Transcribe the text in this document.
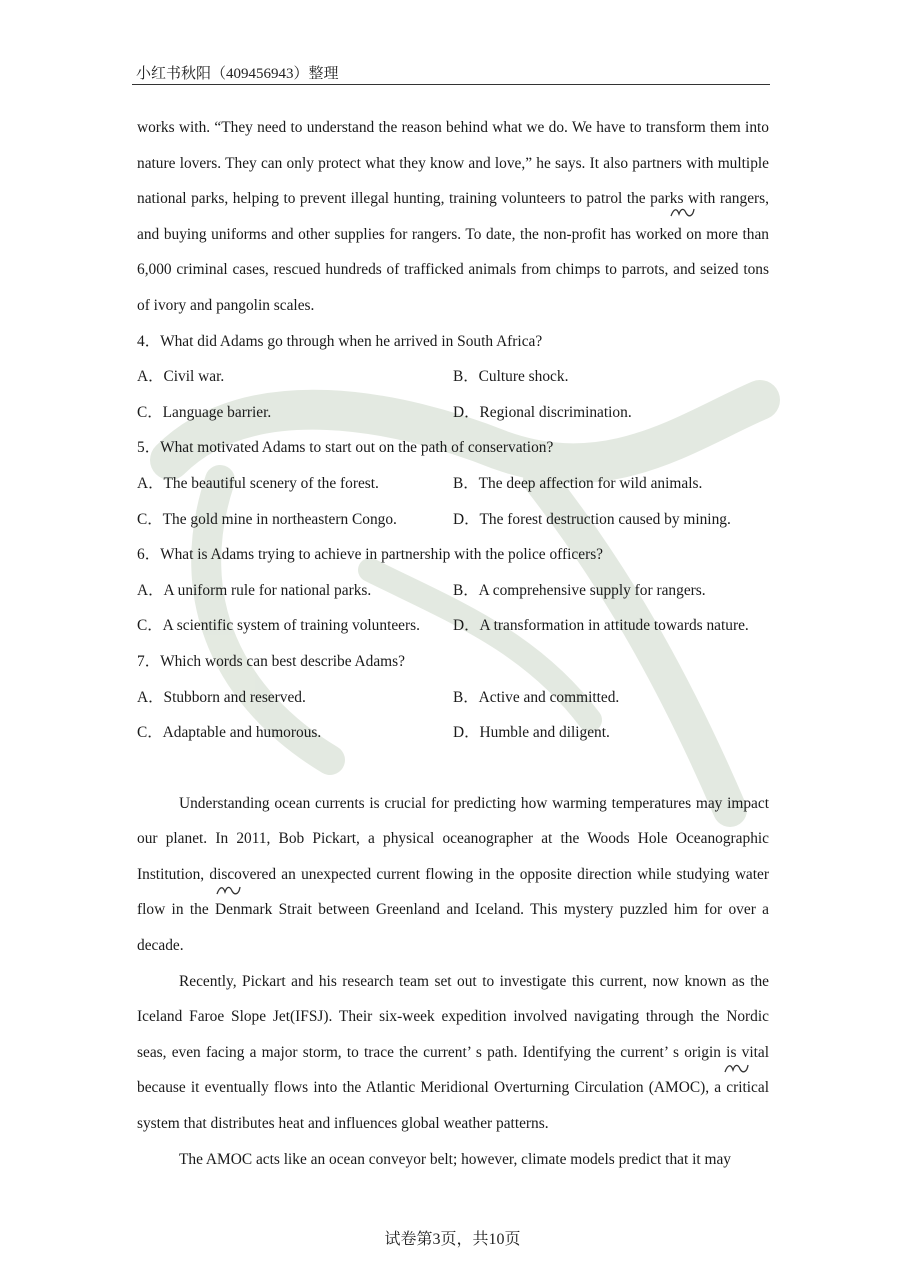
小红书秋阳（409456943）整理

works with. “They need to understand the reason behind what we do. We have to transform them into nature lovers. They can only protect what they know and love,” he says. It also partners with multiple national parks, helping to prevent illegal hunting, training volunteers to patrol the parks with rangers, and buying uniforms and other supplies for rangers. To date, the non-profit has worked on more than 6,000 criminal cases, rescued hundreds of trafficked animals from chimps to parrots, and seized tons of ivory and pangolin scales.

4．What did Adams go through when he arrived in South Africa?

A．Civil war.	B．Culture shock.
C．Language barrier.	D．Regional discrimination.

5．What motivated Adams to start out on the path of conservation?

A．The beautiful scenery of the forest.	B．The deep affection for wild animals.
C．The gold mine in northeastern Congo.	D．The forest destruction caused by mining.

6．What is Adams trying to achieve in partnership with the police officers?

A．A uniform rule for national parks.	B．A comprehensive supply for rangers.
C．A scientific system of training volunteers.	D．A transformation in attitude towards nature.

7．Which words can best describe Adams?

A．Stubborn and reserved.	B．Active and committed.
C．Adaptable and humorous.	D．Humble and diligent.

Understanding ocean currents is crucial for predicting how warming temperatures may impact our planet. In 2011, Bob Pickart, a physical oceanographer at the Woods Hole Oceanographic Institution, discovered an unexpected current flowing in the opposite direction while studying water flow in the Denmark Strait between Greenland and Iceland. This mystery puzzled him for over a decade.

Recently, Pickart and his research team set out to investigate this current, now known as the Iceland Faroe Slope Jet(IFSJ). Their six-week expedition involved navigating through the Nordic seas, even facing a major storm, to trace the current’ s path. Identifying the current’ s origin is vital because it eventually flows into the Atlantic Meridional Overturning Circulation (AMOC), a critical system that distributes heat and influences global weather patterns.

The AMOC acts like an ocean conveyor belt; however, climate models predict that it may

试卷第3页，共10页
